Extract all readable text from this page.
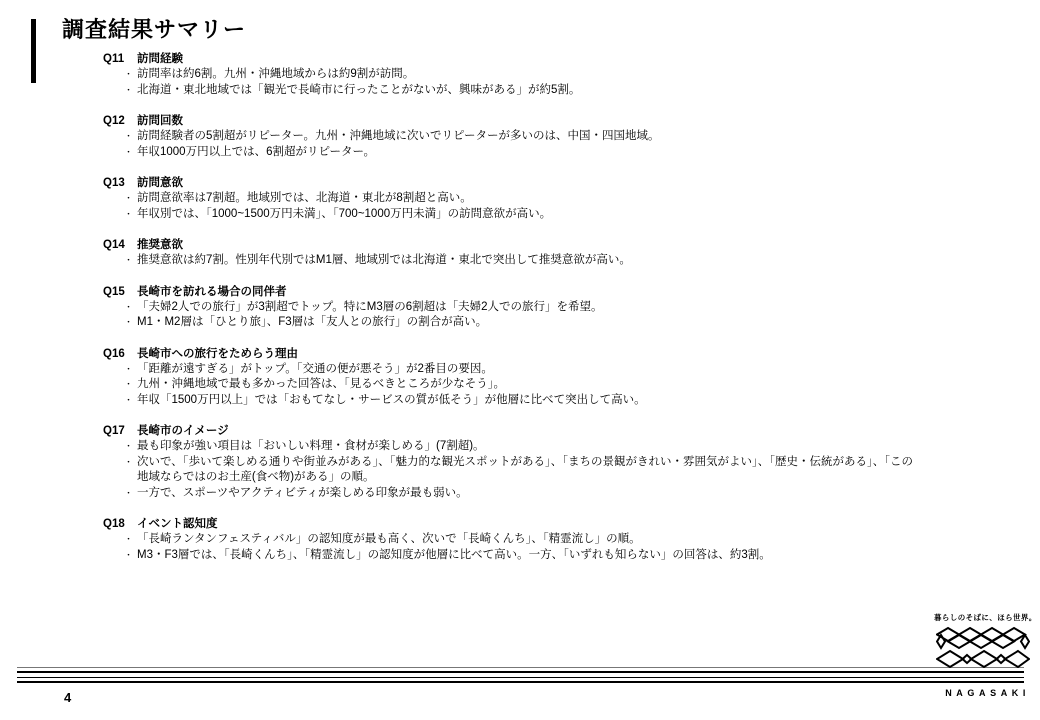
調査結果サマリー
Q11	訪問経験
・ 訪問率は約6割。九州・沖縄地域からは約9割が訪問。
・ 北海道・東北地域では「観光で長崎市に行ったことがないが、興味がある」が約5割。
Q12	訪問回数
・ 訪問経験者の5割超がリピーター。九州・沖縄地域に次いでリピーターが多いのは、中国・四国地域。
・ 年収1000万円以上では、6割超がリピーター。
Q13	訪問意欲
・ 訪問意欲率は7割超。地域別では、北海道・東北が8割超と高い。
・ 年収別では、「1000~1500万円未満」、「700~1000万円未満」の訪問意欲が高い。
Q14	推奨意欲
・ 推奨意欲は約7割。性別年代別ではM1層、地域別では北海道・東北で突出して推奨意欲が高い。
Q15	長崎市を訪れる場合の同伴者
・ 「夫婦2人での旅行」が3割超でトップ。特にM3層の6割超は「夫婦2人での旅行」を希望。
・ M1・M2層は「ひとり旅」、F3層は「友人との旅行」の割合が高い。
Q16	長崎市への旅行をためらう理由
・ 「距離が遠すぎる」がトップ。「交通の便が悪そう」が2番目の要因。
・ 九州・沖縄地域で最も多かった回答は、「見るべきところが少なそう」。
・ 年収「1500万円以上」では「おもてなし・サービスの質が低そう」が他層に比べて突出して高い。
Q17	長崎市のイメージ
・ 最も印象が強い項目は「おいしい料理・食材が楽しめる」(7割超)。
・ 次いで、「歩いて楽しめる通りや街並みがある」、「魅力的な観光スポットがある」、「まちの景観がきれい・雰囲気がよい」、「歴史・伝統がある」、「この地域ならではのお土産(食べ物)がある」の順。
・ 一方で、スポーツやアクティビティが楽しめる印象が最も弱い。
Q18	イベント認知度
・ 「長崎ランタンフェスティバル」の認知度が最も高く、次いで「長崎くんち」、「精霊流し」の順。
・ M3・F3層では、「長崎くんち」、「精霊流し」の認知度が他層に比べて高い。一方、「いずれも知らない」の回答は、約3割。
4
暮らしのそばに、ほら世界。
NAGASAKI
